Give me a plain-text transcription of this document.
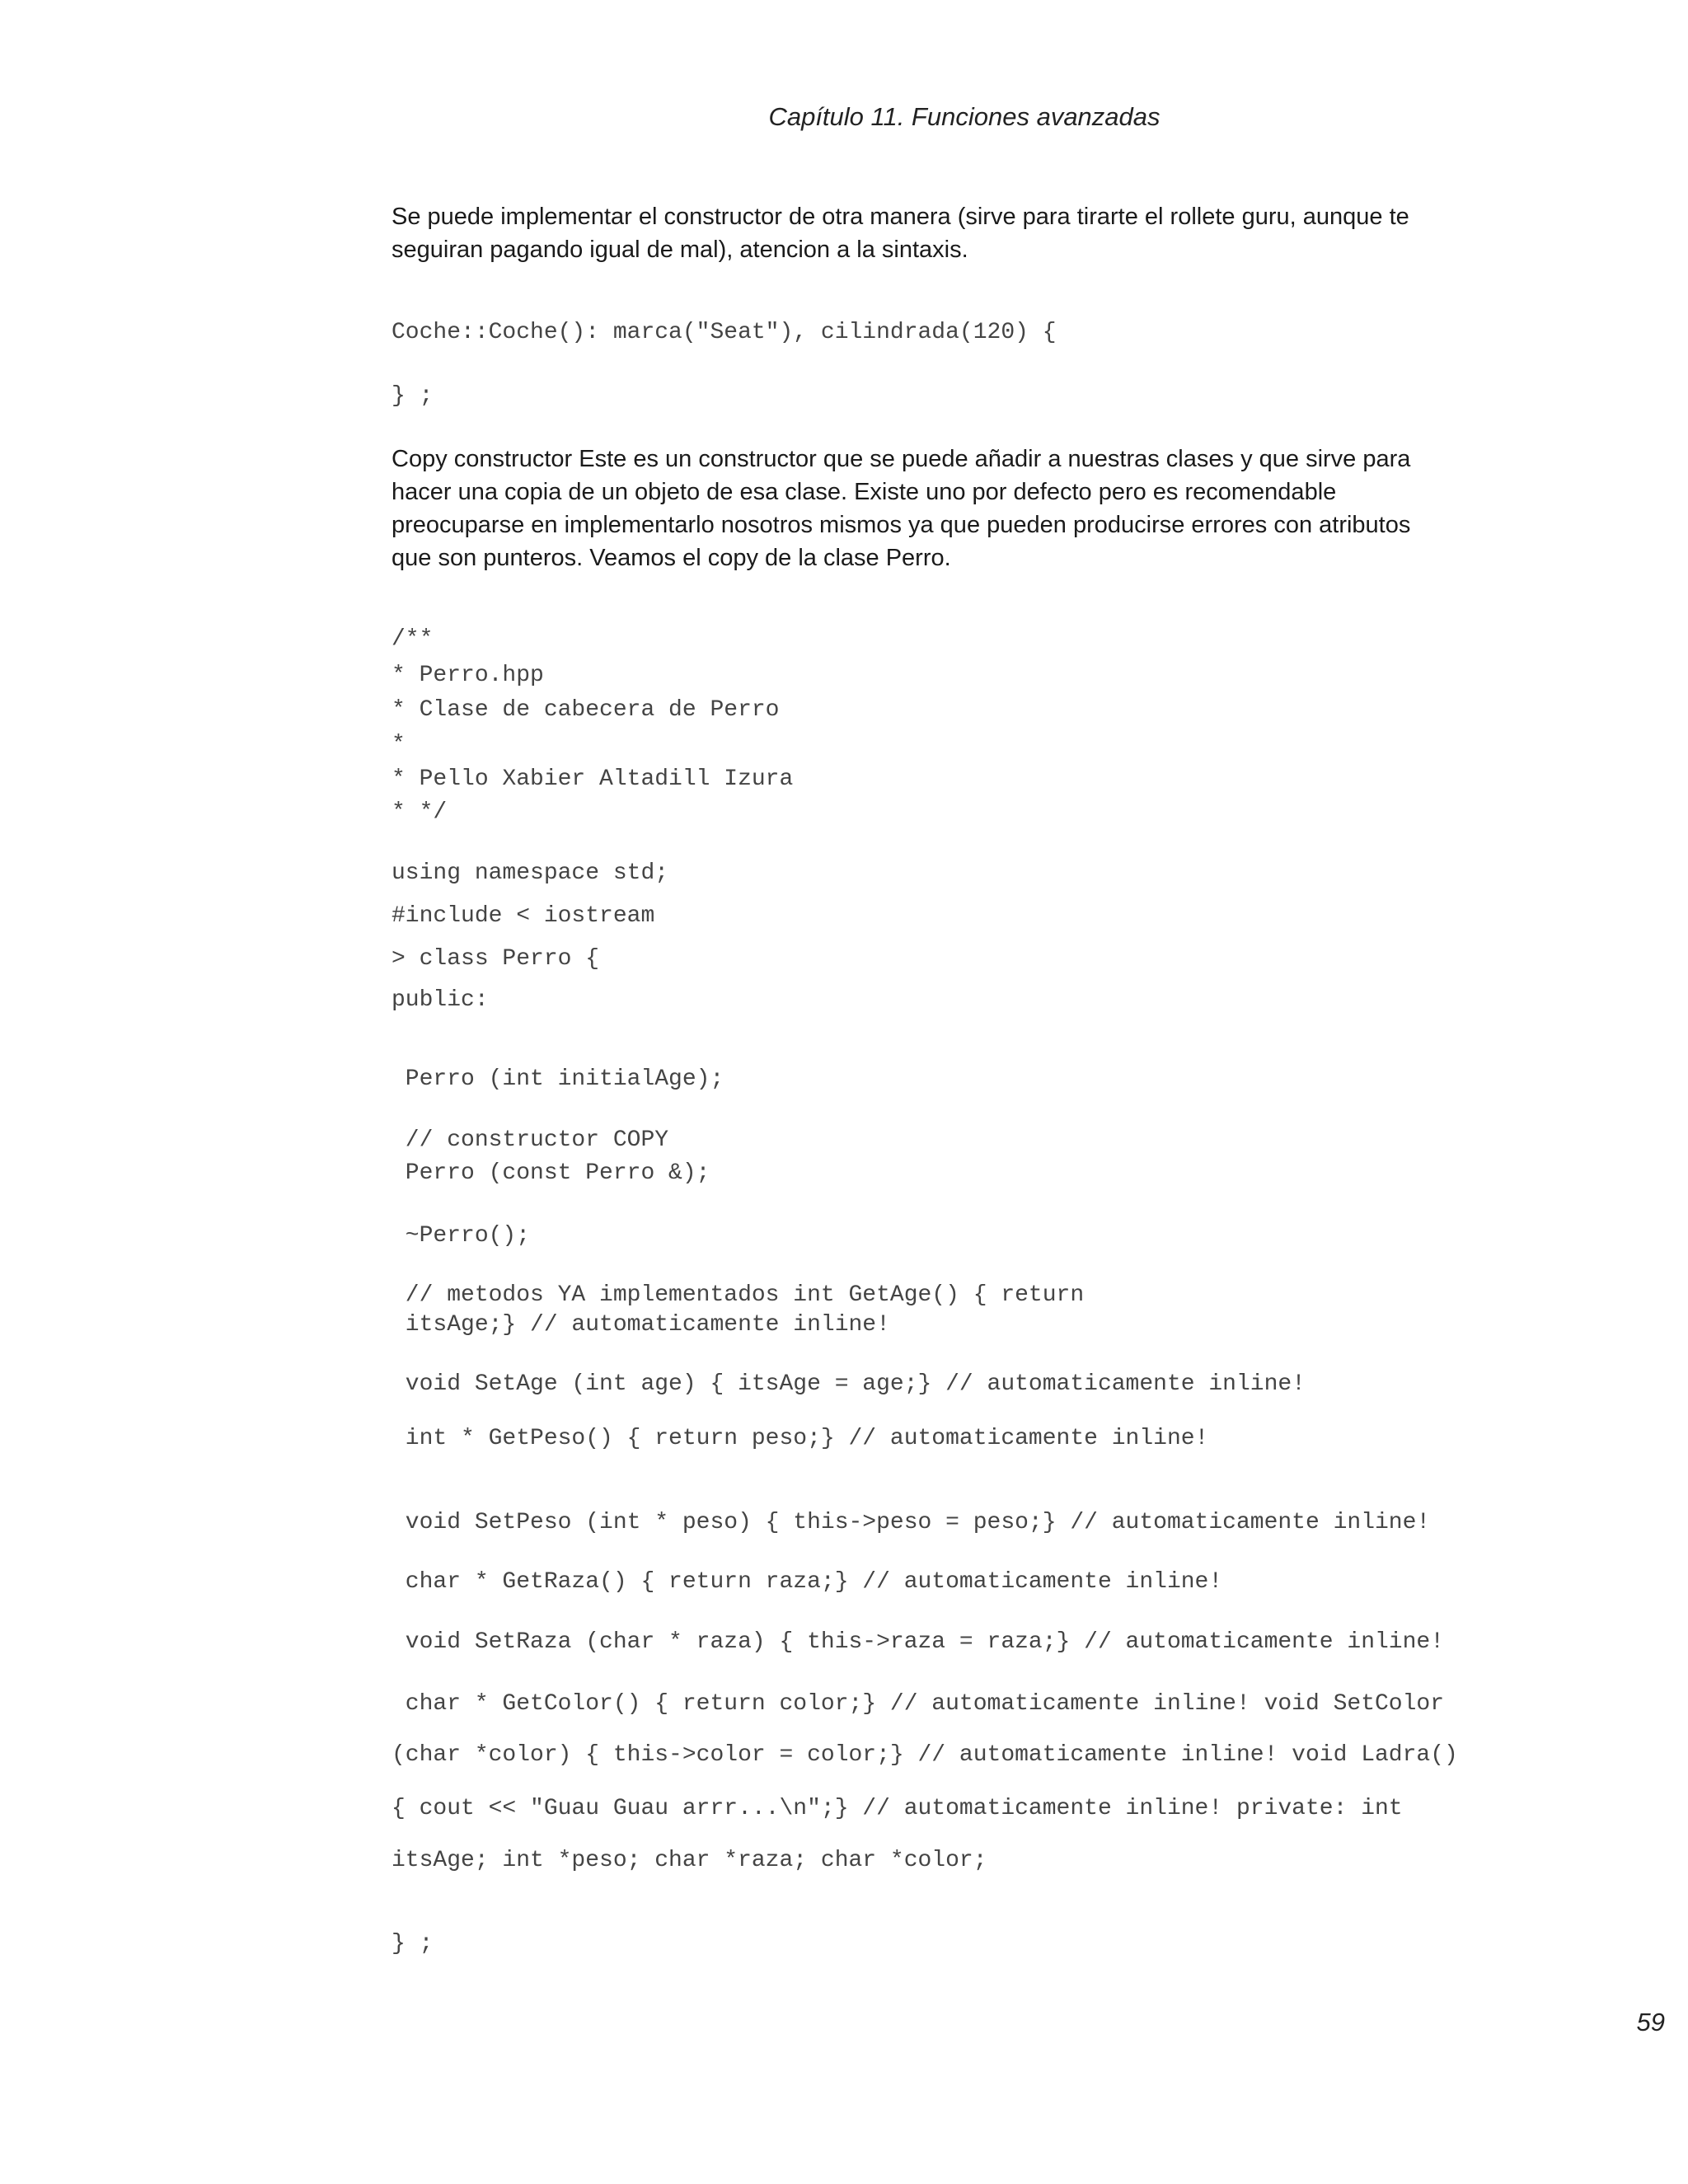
Capítulo 11. Funciones avanzadas

Se puede implementar el constructor de otra manera (sirve para tirarte el rollete guru, aunque te
seguiran pagando igual de mal), atencion a la sintaxis.

Coche::Coche(): marca("Seat"), cilindrada(120) {
} ;

Copy constructor Este es un constructor que se puede añadir a nuestras clases y que sirve para
hacer una copia de un objeto de esa clase. Existe uno por defecto pero es recomendable
preocuparse en implementarlo nosotros mismos ya que pueden producirse errores con atributos
que son punteros. Veamos el copy de la clase Perro.

/**
* Perro.hpp
* Clase de cabecera de Perro
*
* Pello Xabier Altadill Izura
* */
using namespace std;
#include < iostream
> class Perro {
public:
Perro (int initialAge);
// constructor COPY
Perro (const Perro &);
~Perro();
// metodos YA implementados int GetAge() { return
itsAge;} // automaticamente inline!
void SetAge (int age) { itsAge = age;} // automaticamente inline!
int * GetPeso() { return peso;} // automaticamente inline!
void SetPeso (int * peso) { this->peso = peso;} // automaticamente inline!
char * GetRaza() { return raza;} // automaticamente inline!
void SetRaza (char * raza) { this->raza = raza;} // automaticamente inline!
char * GetColor() { return color;} // automaticamente inline! void SetColor
(char *color) { this->color = color;} // automaticamente inline! void Ladra()
{ cout << "Guau Guau arrr...\n";} // automaticamente inline! private: int
itsAge; int *peso; char *raza; char *color;
} ;
59
